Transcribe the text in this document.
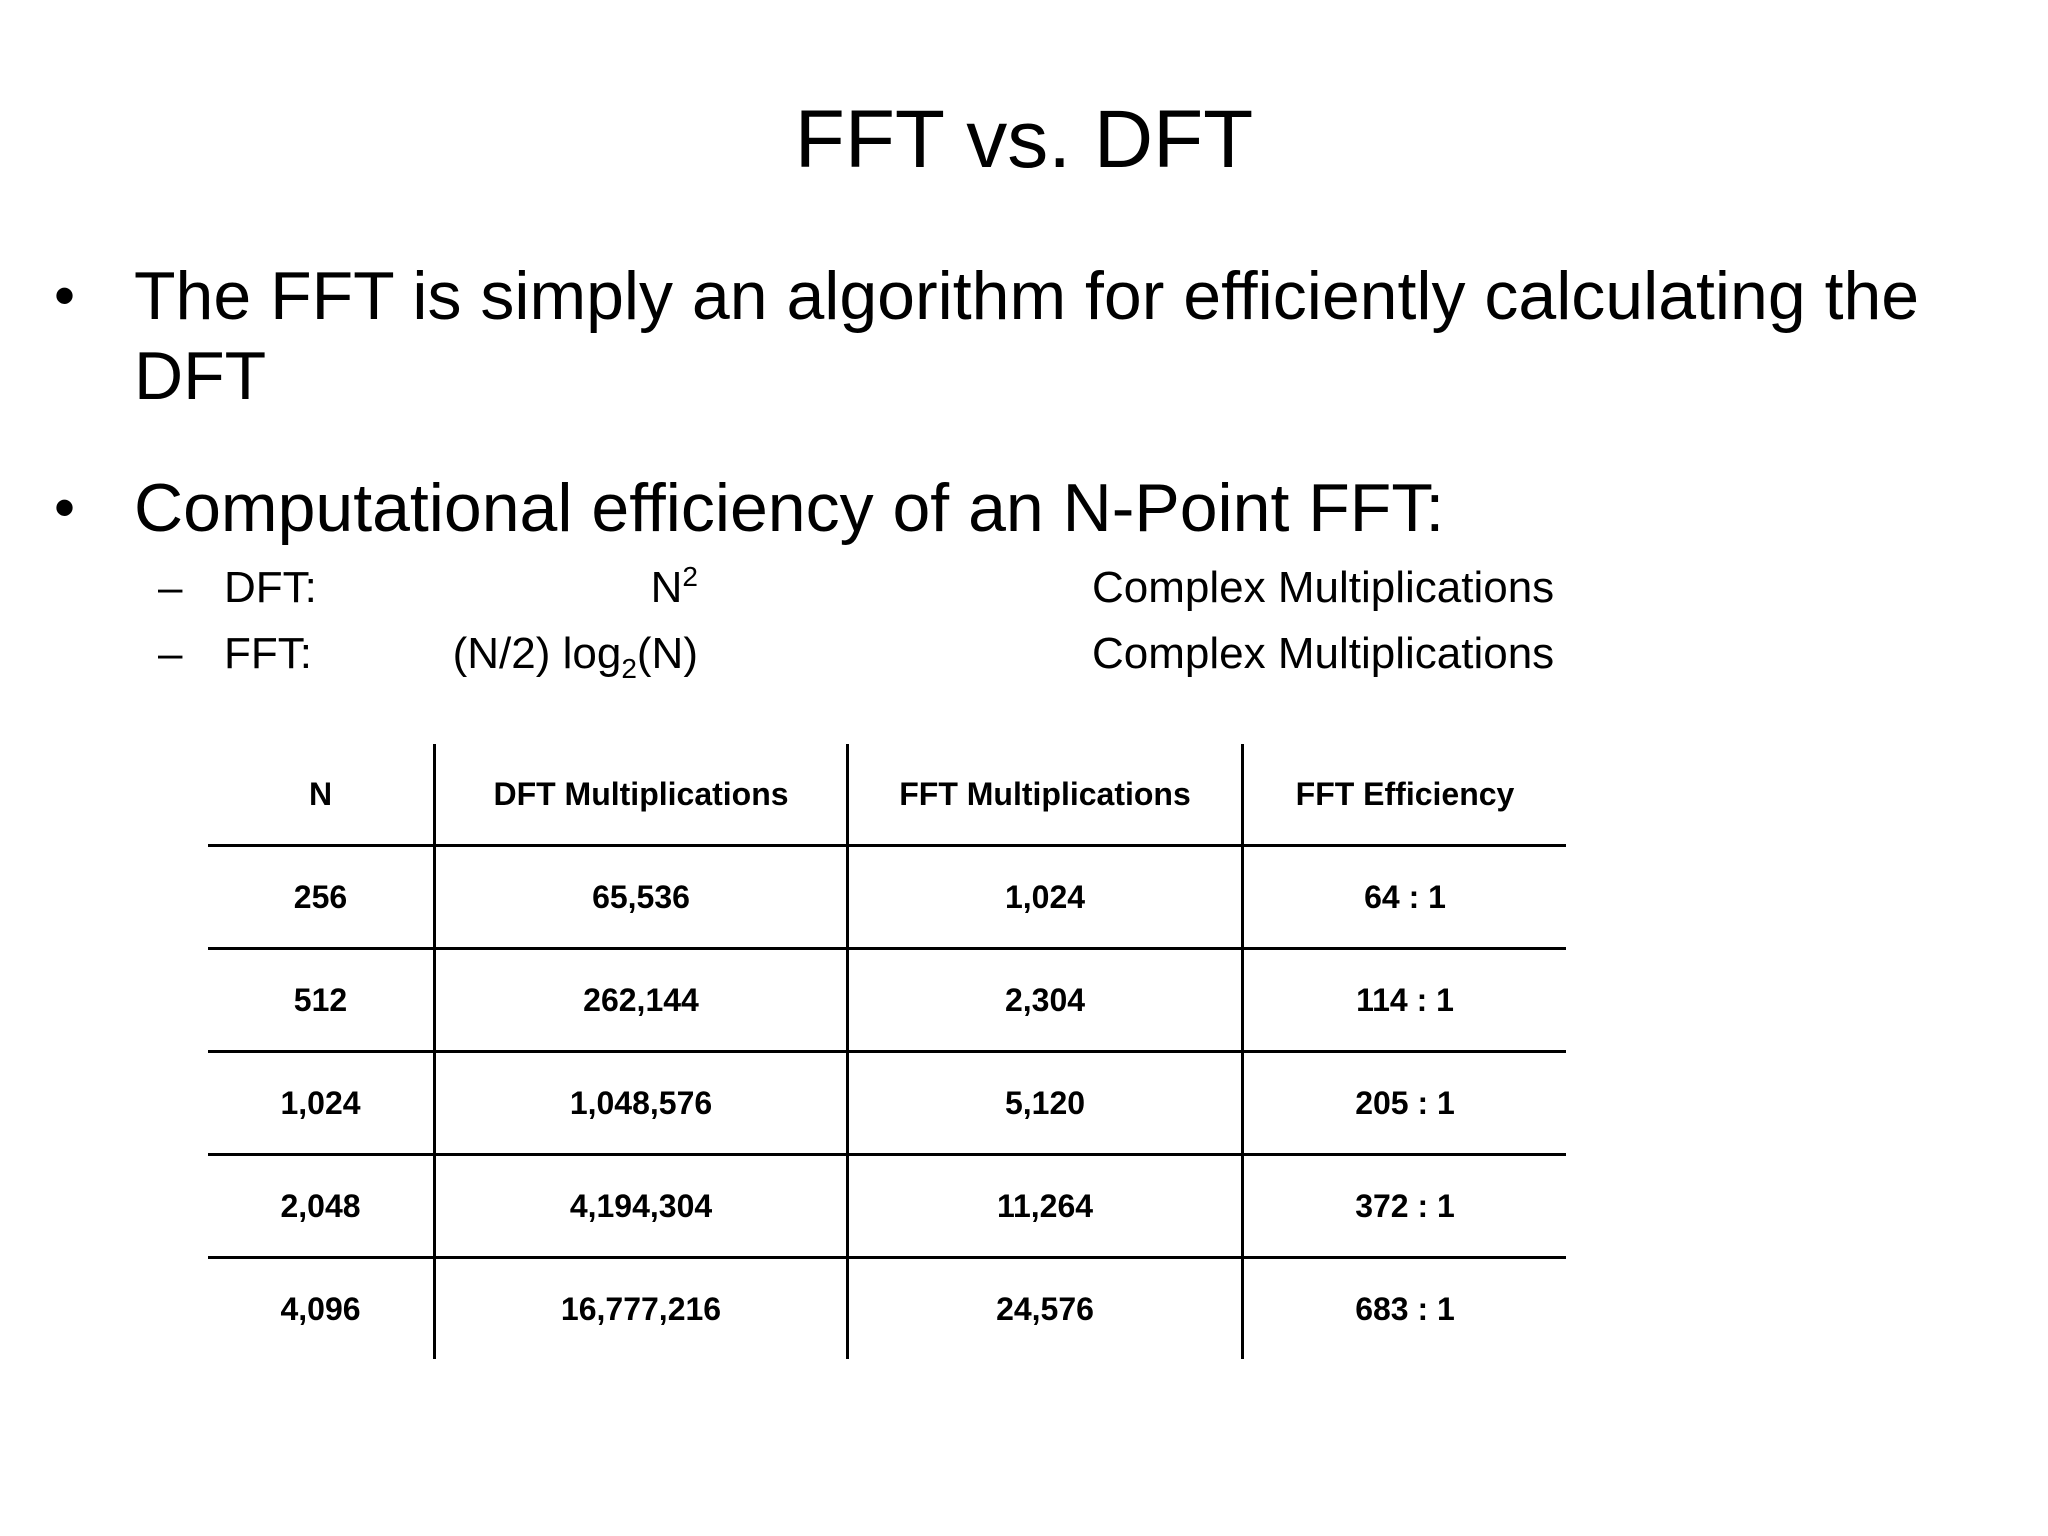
FFT vs. DFT
• The FFT is simply an algorithm for efficiently calculating the DFT
• Computational efficiency of an N-Point FFT:
– DFT:	$N^2$	Complex Multiplications
– FFT:	(N/2) $\log_2(N)$	Complex Multiplications
N	DFT Multiplications	FFT Multiplications	FFT Efficiency
256	65,536	1,024	64 : 1
512	262,144	2,304	114 : 1
1,024	1,048,576	5,120	205 : 1
2,048	4,194,304	11,264	372 : 1
4,096	16,777,216	24,576	683 : 1
